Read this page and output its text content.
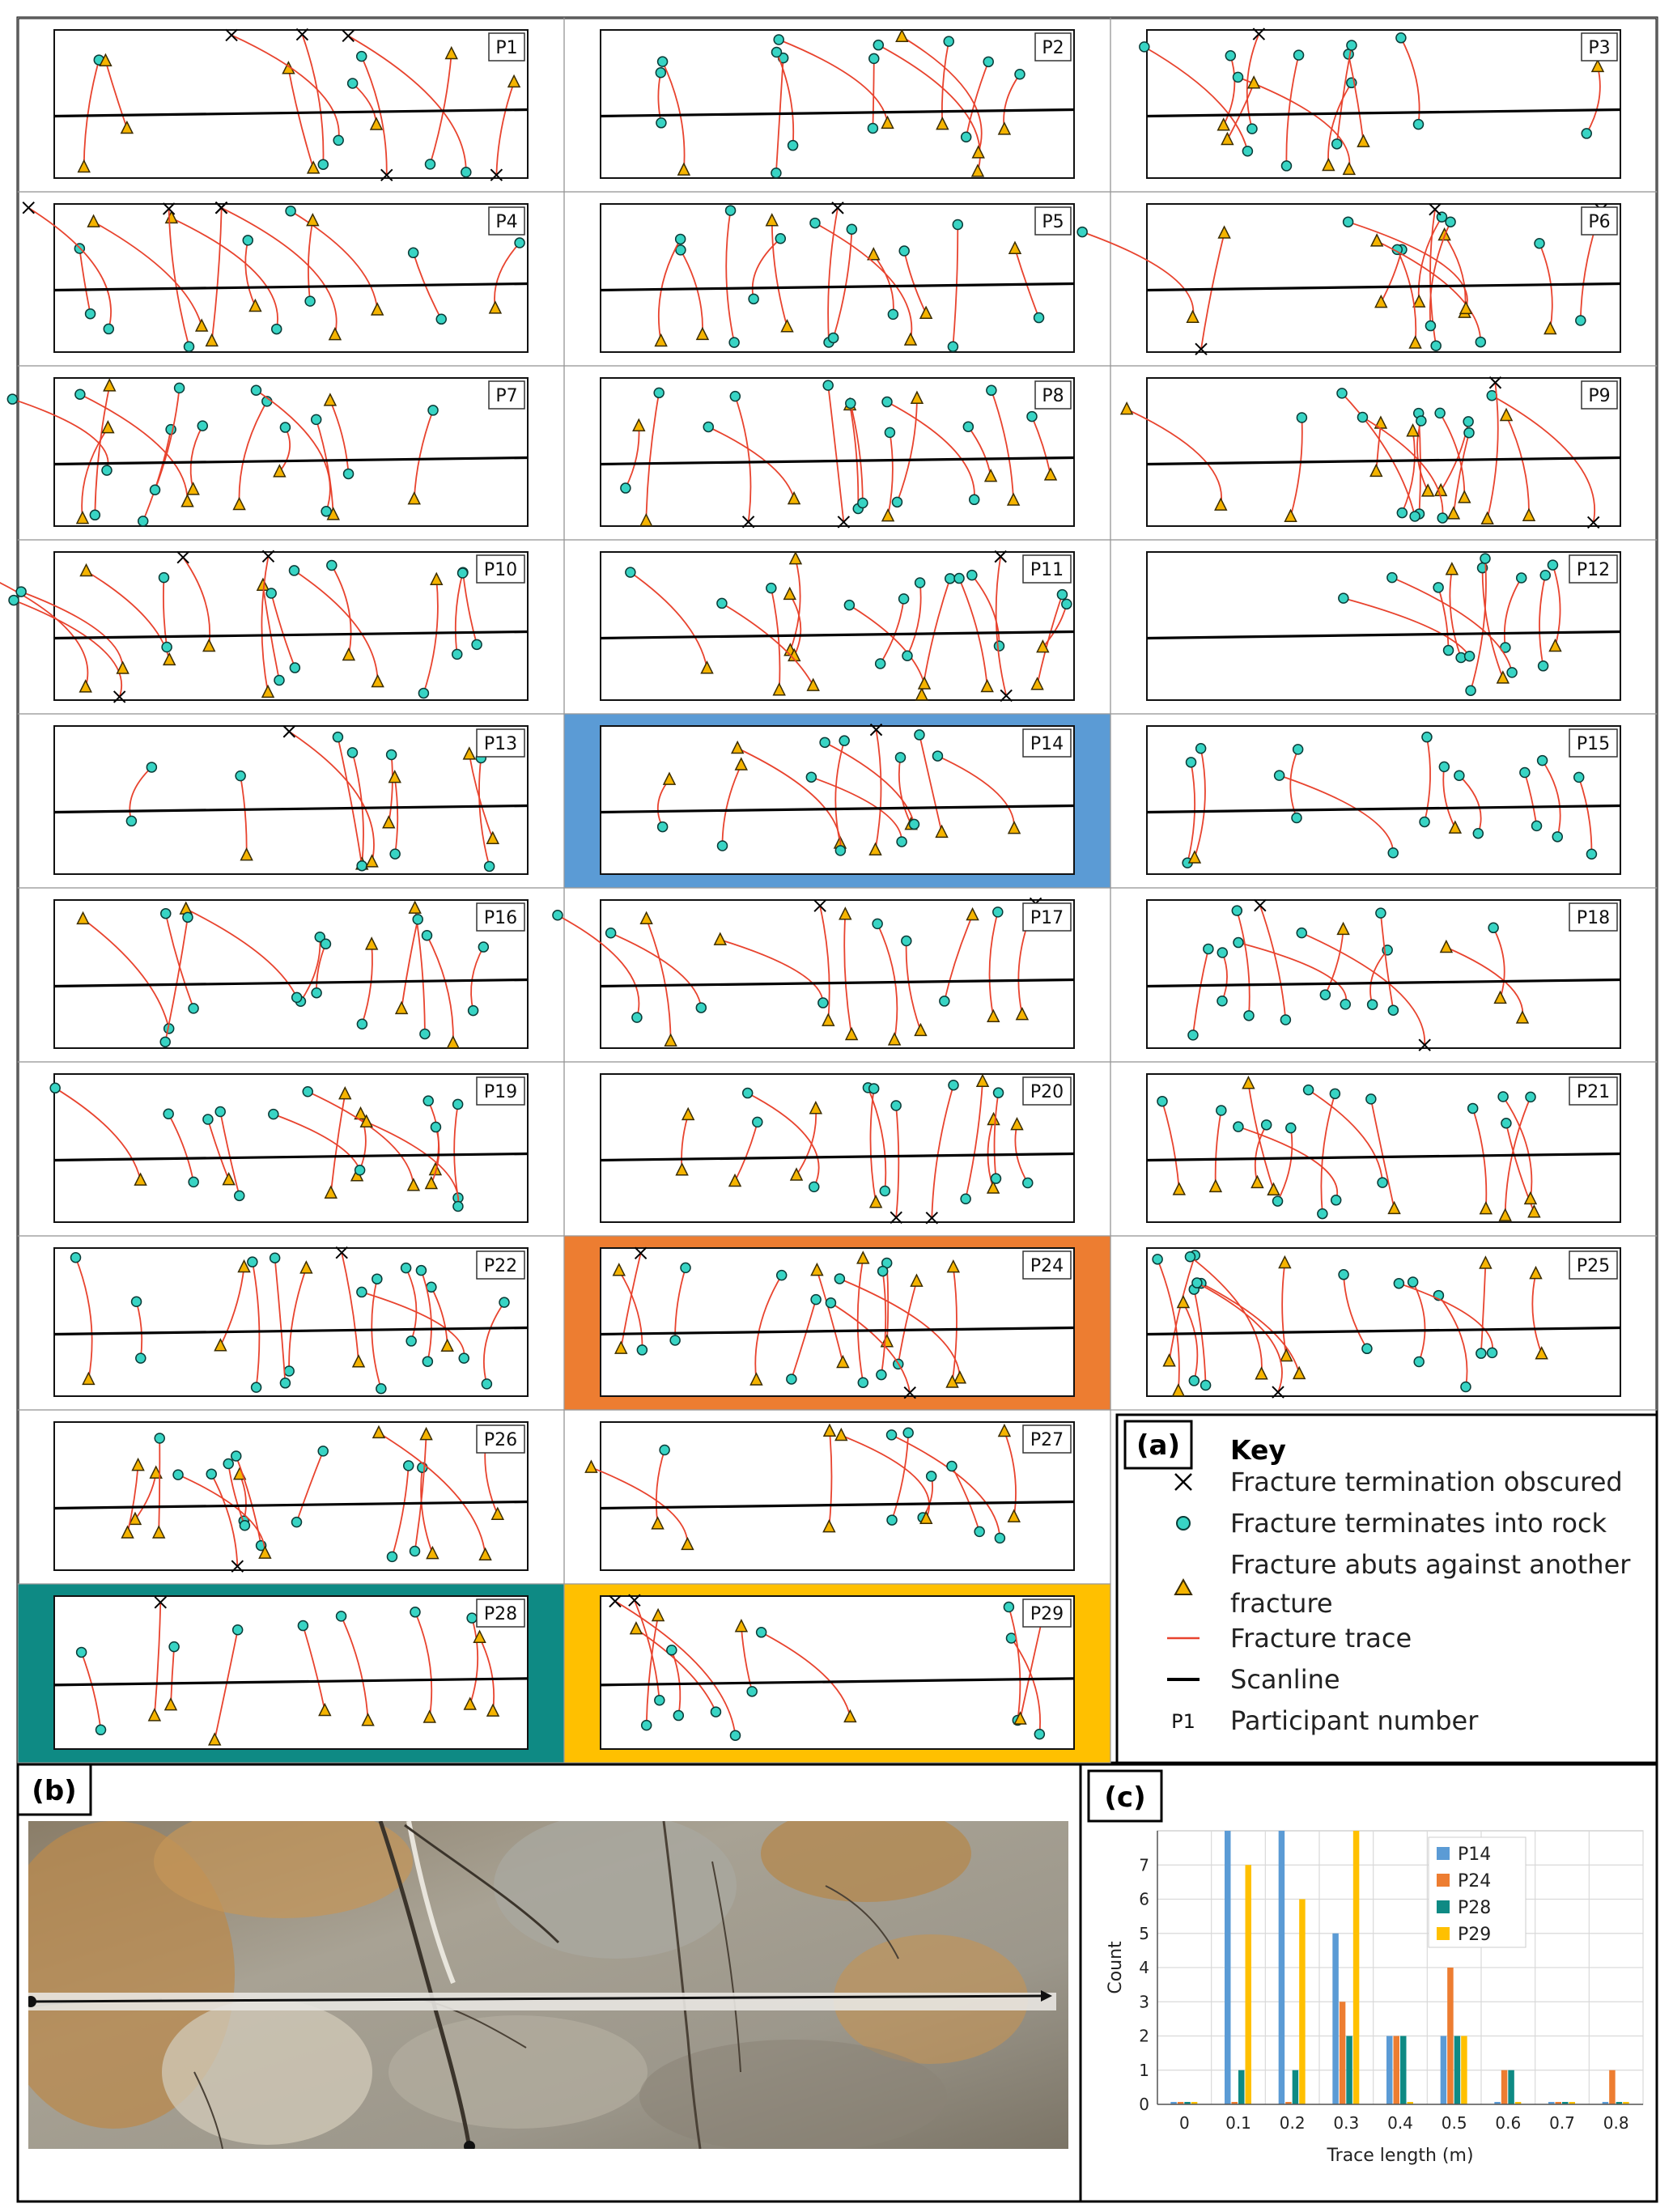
P1	P2	P3
P4	P5	P6
P7	P8	P9
P10	P11	P12
P13	P14	P15
P16	P17	P18
P19	P20	P21
P22	P24	P25
P26	P27
P28	P29
(a) Key
Fracture termination obscured
Fracture terminates into rock
Fracture abuts against another
fracture
Fracture trace
Scanline
P1 Participant number
(b)	(c)
0
1
2
3
4
5
6
7
0 0.1 0.2 0.3 0.4 0.5 0.6 0.7 0.8
Trace length (m)
Count
P14
P24
P28
P29
